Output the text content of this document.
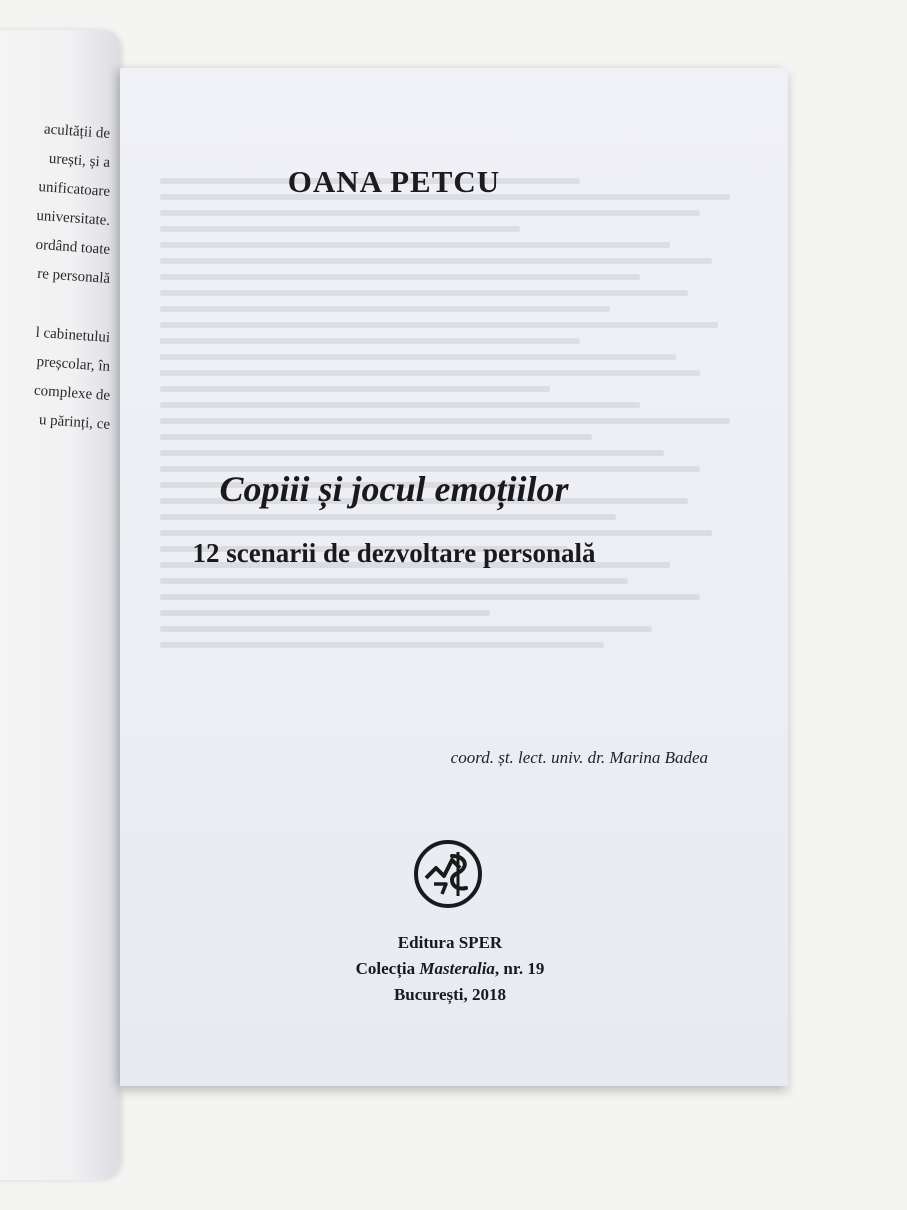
acultății de
urești, și a
unificatoare
universitate.
ordând toate
re personală
l cabinetului
preșcolar, în
complexe de
u părinți, ce
OANA PETCU
Copiii și jocul emoțiilor
12 scenarii de dezvoltare personală
coord. șt. lect. univ. dr. Marina Badea
Editura SPER
Colecția Masteralia, nr. 19
București, 2018
